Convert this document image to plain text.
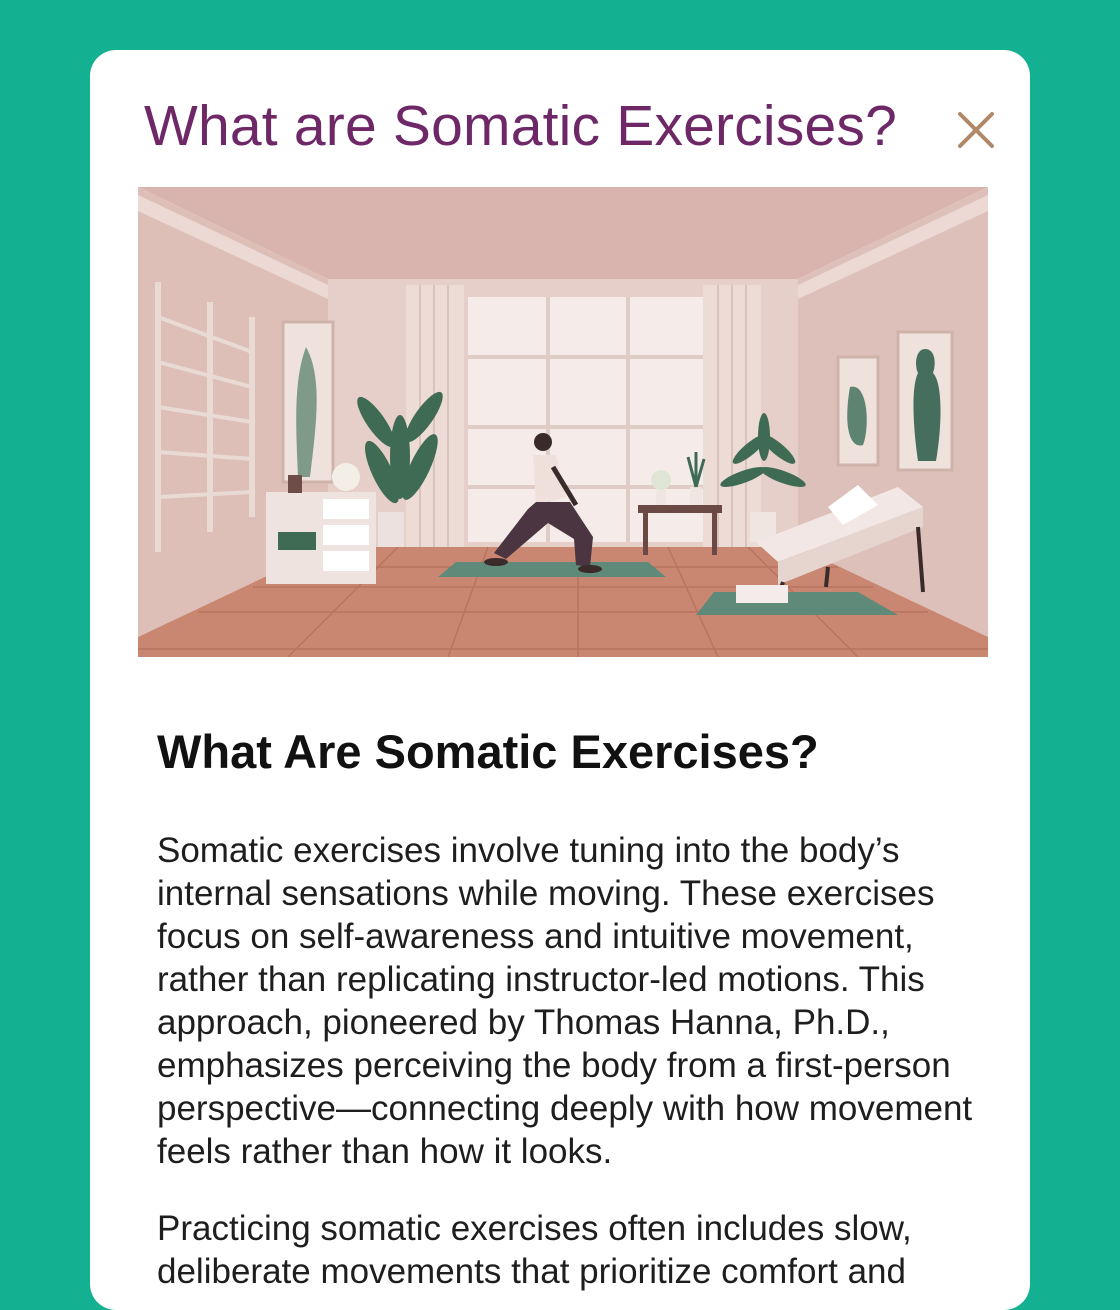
What are Somatic Exercises?
What Are Somatic Exercises?

Somatic exercises involve tuning into the body’s internal sensations while moving. These exercises focus on self-awareness and intuitive movement, rather than replicating instructor-led motions. This approach, pioneered by Thomas Hanna, Ph.D., emphasizes perceiving the body from a first-person perspective—connecting deeply with how movement feels rather than how it looks.

Practicing somatic exercises often includes slow, deliberate movements that prioritize comfort and
